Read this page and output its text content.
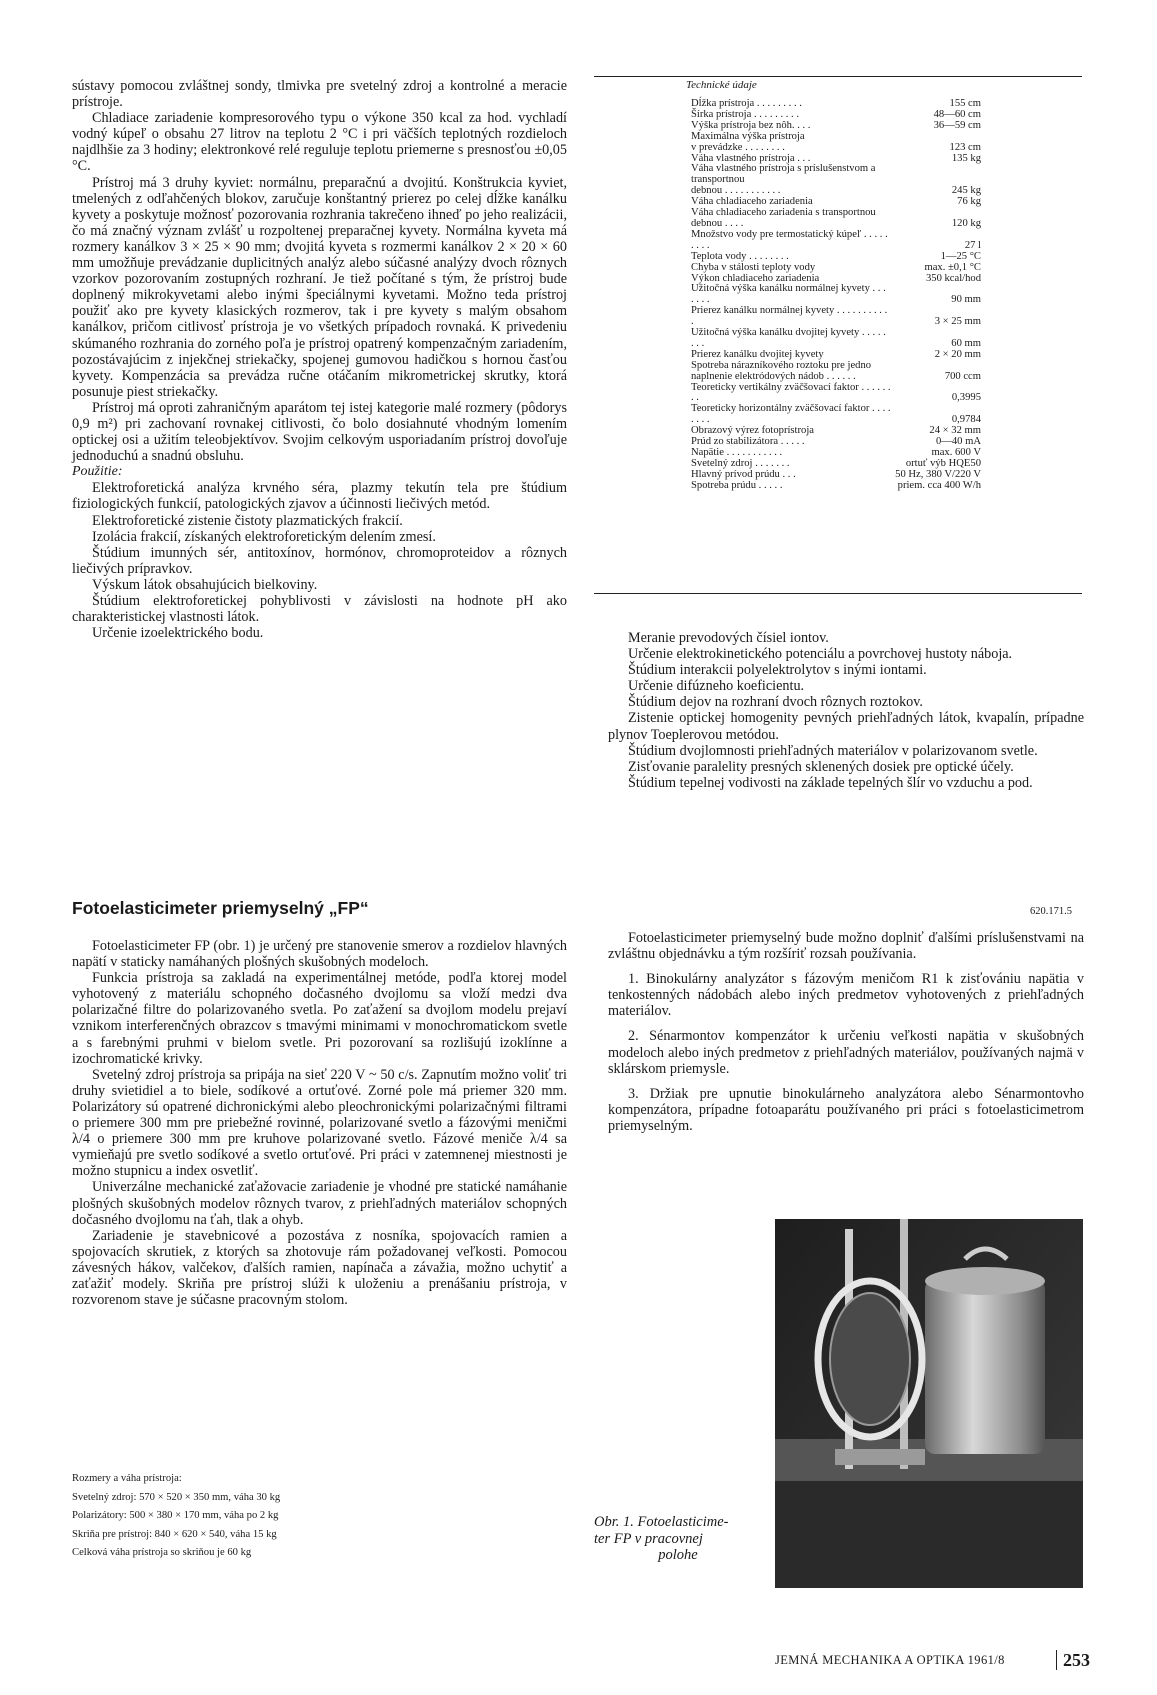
sústavy pomocou zvláštnej sondy, tlmivka pre svetelný zdroj a kontrolné a meracie prístroje.

Chladiace zariadenie kompresorového typu o výkone 350 kcal za hod. vychladí vodný kúpeľ o obsahu 27 litrov na teplotu 2 °C i pri väčších teplotných rozdieloch najdlhšie za 3 hodiny; elektronkové relé reguluje teplotu priemerne s presnosťou ±0,05 °C.

Prístroj má 3 druhy kyviet: normálnu, preparačnú a dvojitú. Konštrukcia kyviet, tmelených z odľahčených blokov, zaručuje konštantný prierez po celej dĺžke kanálku kyvety a poskytuje možnosť pozorovania rozhrania takrečeno ihneď po jeho realizácii, čo má značný význam zvlášť u rozpoltenej preparačnej kyvety. Normálna kyveta má rozmery kanálkov 3 × 25 × 90 mm; dvojitá kyveta s rozmermi kanálkov 2 × 20 × 60 mm umožňuje prevádzanie duplicitných analýz alebo súčasné analýzy dvoch rôznych vzorkov pozorovaním zostupných rozhraní. Je tiež počítané s tým, že prístroj bude doplnený mikrokyvetami alebo inými špeciálnymi kyvetami. Možno teda prístroj použiť ako pre kyvety klasických rozmerov, tak i pre kyvety s malým obsahom kanálkov, pričom citlivosť prístroja je vo všetkých prípadoch rovnaká. K privedeniu skúmaného rozhrania do zorného poľa je prístroj opatrený kompenzačným zariadením, pozostávajúcim z injekčnej striekačky, spojenej gumovou hadičkou s hornou časťou kyvety. Kompenzácia sa prevádza ručne otáčaním mikrometrickej skrutky, ktorá posunuje piest striekačky.

Prístroj má oproti zahraničným aparátom tej istej kategorie malé rozmery (pôdorys 0,9 m²) pri zachovaní rovnakej citlivosti, čo bolo dosiahnuté vhodným lomením optickej osi a užitím teleobjektívov. Svojim celkovým usporiadaním prístroj dovoľuje jednoduchú a snadnú obsluhu.

Použitie:

Elektroforetická analýza krvného séra, plazmy tekutín tela pre štúdium fiziologických funkcií, patologických zjavov a účinnosti liečivých metód.

Elektroforetické zistenie čistoty plazmatických frakcií.

Izolácia frakcií, získaných elektroforetickým delením zmesí.

Štúdium imunných sér, antitoxínov, hormónov, chromoproteidov a rôznych liečivých prípravkov.

Výskum látok obsahujúcich bielkoviny.

Štúdium elektroforetickej pohyblivosti v závislosti na hodnote pH ako charakteristickej vlastnosti látok.

Určenie izoelektrického bodu.

Technické údaje
Dĺžka prístroja . . . . . . . . .	155 cm
Šírka prístroja . . . . . . . . .	48—60 cm
Výška prístroja bez nôh. . . .	36—59 cm
Maximálna výška prístroja	
v prevádzke . . . . . . . .	123 cm
Váha vlastného prístroja . . .	135 kg
Váha vlastného prístroja s príslušenstvom a transportnou	
debnou . . . . . . . . . . .	245 kg
Váha chladiaceho zariadenia	76 kg
Váha chladiaceho zariadenia s transportnou debnou . . . .	120 kg
Množstvo vody pre termostatický kúpeľ . . . . . . . . .	27 l
Teplota vody . . . . . . . .	1—25 °C
Chyba v stálosti teploty vody	max. ±0,1 °C
Výkon chladiaceho zariadenia	350 kcal/hod
Užitočná výška kanálku normálnej kyvety . . . . . . .	90 mm
Prierez kanálku normálnej kyvety . . . . . . . . . . .	3 × 25 mm
Užitočná výška kanálku dvojitej kyvety . . . . . . . .	60 mm
Prierez kanálku dvojitej kyvety	2 × 20 mm
Spotreba nárazníkového roztoku pre jedno naplnenie elektródových nádob . . . . . .	700 ccm
Teoreticky vertikálny zväčšovací faktor . . . . . . . .	0,3995
Teoreticky horizontálny zväčšovací faktor . . . . . . . .	0,9784
Obrazový výrez fotoprístroja	24 × 32 mm
Prúd zo stabilizátora . . . . .	0—40 mA
Napätie . . . . . . . . . . .	max. 600 V
Svetelný zdroj . . . . . . .	ortuť výb HQE50
Hlavný prívod prúdu . . .	50 Hz, 380 V/220 V
Spotreba prúdu . . . . .	priem. cca 400 W/h

Meranie prevodových čísiel iontov.

Určenie elektrokinetického potenciálu a povrchovej hustoty náboja.

Štúdium interakcii polyelektrolytov s inými iontami.

Určenie difúzneho koeficientu.

Štúdium dejov na rozhraní dvoch rôznych roztokov.

Zistenie optickej homogenity pevných priehľadných látok, kvapalín, prípadne plynov Toeplerovou metódou.

Štúdium dvojlomnosti priehľadných materiálov v polarizovanom svetle.

Zisťovanie paralelity presných sklenených dosiek pre optické účely.

Štúdium tepelnej vodivosti na základe tepelných šlír vo vzduchu a pod.

Fotoelasticimeter priemyselný „FP“	620.171.5

Fotoelasticimeter FP (obr. 1) je určený pre stanovenie smerov a rozdielov hlavných napätí v staticky namáhaných plošných skušobných modeloch.

Funkcia prístroja sa zakladá na experimentálnej metóde, podľa ktorej model vyhotovený z materiálu schopného dočasného dvojlomu sa vloží medzi dva polarizačné filtre do polarizovaného svetla. Po zaťažení sa dvojlom modelu prejaví vznikom interferenčných obrazcov s tmavými minimami v monochromatickom svetle a s farebnými pruhmi v bielom svetle. Pri pozorovaní sa rozlišujú izoklínne a izochromatické krivky.

Svetelný zdroj prístroja sa pripája na sieť 220 V ~ 50 c/s. Zapnutím možno voliť tri druhy svietidiel a to biele, sodíkové a ortuťové. Zorné pole má priemer 320 mm. Polarizátory sú opatrené dichronickými alebo pleochronickými polarizačnými filtrami o priemere 300 mm pre priebežné rovinné, polarizované svetlo a fázovými meničmi λ/4 o priemere 300 mm pre kruhove polarizované svetlo. Fázové meniče λ/4 sa vymieňajú pre svetlo sodíkové a svetlo ortuťové. Pri práci v zatemnenej miestnosti je možno stupnicu a index osvetliť.

Univerzálne mechanické zaťažovacie zariadenie je vhodné pre statické namáhanie plošných skušobných modelov rôznych tvarov, z priehľadných materiálov schopných dočasného dvojlomu na ťah, tlak a ohyb.

Zariadenie je stavebnicové a pozostáva z nosníka, spojovacích ramien a spojovacích skrutiek, z ktorých sa zhotovuje rám požadovanej veľkosti. Pomocou závesných hákov, valčekov, ďalších ramien, napínača a závažia, možno uchytiť a zaťažiť modely. Skriňa pre prístroj slúži k uloženiu a prenášaniu prístroja, v rozvorenom stave je súčasne pracovným stolom.

Rozmery a váha prístroja:
Svetelný zdroj: 570 × 520 × 350 mm, váha 30 kg
Polarizátory: 500 × 380 × 170 mm, váha po 2 kg
Skriňa pre prístroj: 840 × 620 × 540, váha 15 kg
Celková váha prístroja so skriňou je 60 kg

Fotoelasticimeter priemyselný bude možno doplniť ďalšími príslušenstvami na zvláštnu objednávku a tým rozšíriť rozsah používania.

1. Binokulárny analyzátor s fázovým meničom R1 k zisťovániu napätia v tenkostenných nádobách alebo iných predmetov vyhotovených z priehľadných materiálov.

2. Sénarmontov kompenzátor k určeniu veľkosti napätia v skušobných modeloch alebo iných predmetov z priehľadných materiálov, používaných najmä v sklárskom priemysle.

3. Držiak pre upnutie binokulárneho analyzátora alebo Sénarmontovho kompenzátora, prípadne fotoaparátu používaného pri práci s fotoelasticimetrom priemyselným.

Obr. 1. Fotoelasticime-
ter FP v pracovnej
polohe
JEMNÁ MECHANIKA A OPTIKA 1961/8	253
